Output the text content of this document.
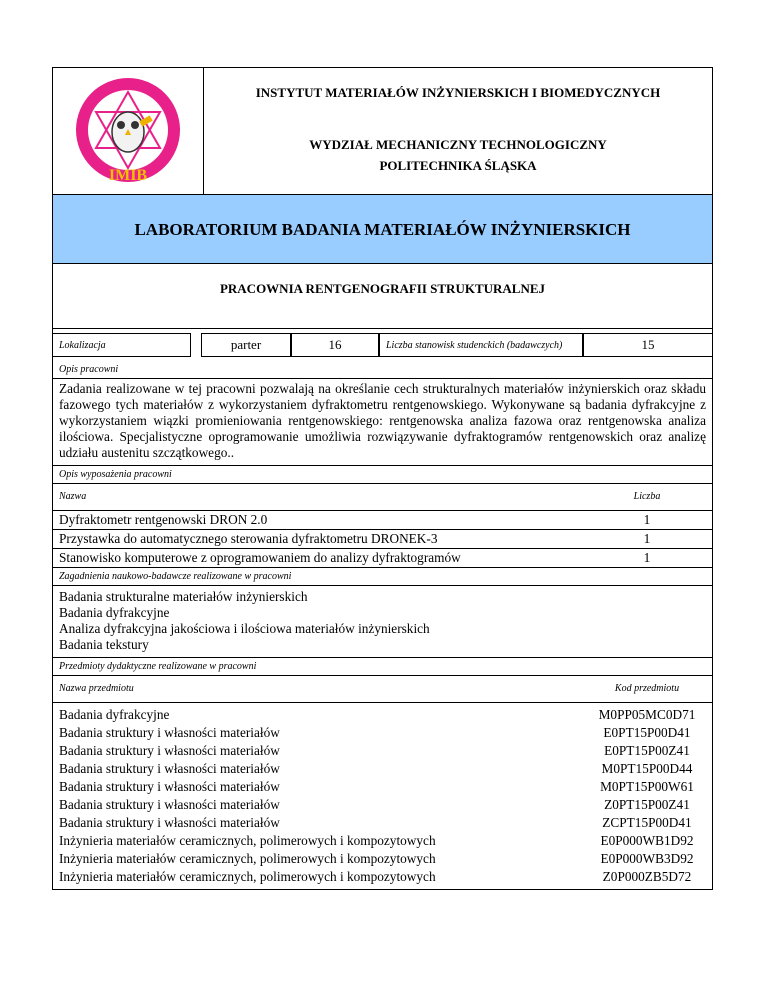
IMIB
INSTYTUT MATERIAŁÓW INŻYNIERSKICH I BIOMEDYCZNYCH
WYDZIAŁ MECHANICZNY TECHNOLOGICZNY
POLITECHNIKA ŚLĄSKA
LABORATORIUM BADANIA MATERIAŁÓW INŻYNIERSKICH
PRACOWNIA RENTGENOGRAFII STRUKTURALNEJ
Lokalizacja	parter	16	Liczba stanowisk studenckich (badawczych)	15
Opis pracowni
Zadania realizowane w tej pracowni pozwalają na określanie cech strukturalnych materiałów inżynierskich oraz składu fazowego tych materiałów z wykorzystaniem dyfraktometru rentgenowskiego. Wykonywane są badania dyfrakcyjne z wykorzystaniem wiązki promieniowania rentgenowskiego: rentgenowska analiza fazowa oraz rentgenowska analiza ilościowa. Specjalistyczne oprogramowanie umożliwia rozwiązywanie dyfraktogramów rentgenowskich oraz analizę udziału austenitu szczątkowego..
Opis wyposażenia pracowni
Nazwa	Liczba
Dyfraktometr rentgenowski DRON 2.0	1
Przystawka do automatycznego sterowania dyfraktometru DRONEK-3	1
Stanowisko komputerowe z oprogramowaniem do analizy dyfraktogramów	1
Zagadnienia naukowo-badawcze realizowane w pracowni
Badania strukturalne materiałów inżynierskich
Badania dyfrakcyjne
Analiza dyfrakcyjna jakościowa i ilościowa materiałów inżynierskich
Badania tekstury
Przedmioty dydaktyczne realizowane w pracowni
Nazwa przedmiotu	Kod przedmiotu
Badania dyfrakcyjne	M0PP05MC0D71
Badania struktury i własności materiałów	E0PT15P00D41
Badania struktury i własności materiałów	E0PT15P00Z41
Badania struktury i własności materiałów	M0PT15P00D44
Badania struktury i własności materiałów	M0PT15P00W61
Badania struktury i własności materiałów	Z0PT15P00Z41
Badania struktury i własności materiałów	ZCPT15P00D41
Inżynieria materiałów ceramicznych, polimerowych i kompozytowych	E0P000WB1D92
Inżynieria materiałów ceramicznych, polimerowych i kompozytowych	E0P000WB3D92
Inżynieria materiałów ceramicznych, polimerowych i kompozytowych	Z0P000ZB5D72
